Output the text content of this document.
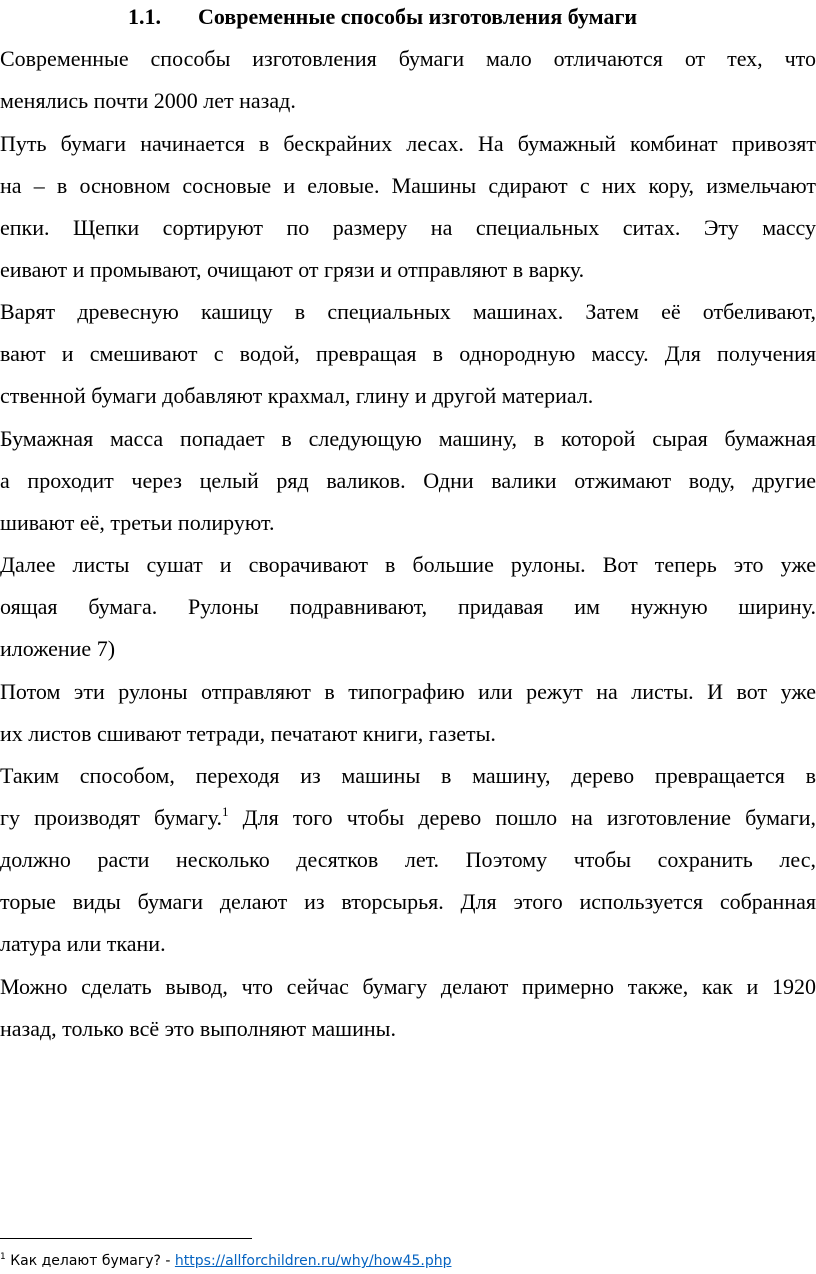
1.1. Современные способы изготовления бумаги
Современные способы изготовления бумаги мало отличаются от тех, что
менялись почти 2000 лет назад.
Путь бумаги начинается в бескрайних лесах. На бумажный комбинат привозят
на – в основном сосновые и еловые. Машины сдирают с них кору, измельчают
епки. Щепки сортируют по размеру на специальных ситах. Эту массу
еивают и промывают, очищают от грязи и отправляют в варку.
Варят древесную кашицу в специальных машинах. Затем её отбеливают,
вают и смешивают с водой, превращая в однородную массу. Для получения
ственной бумаги добавляют крахмал, глину и другой материал.
Бумажная масса попадает в следующую машину, в которой сырая бумажная
а проходит через целый ряд валиков. Одни валики отжимают воду, другие
шивают её, третьи полируют.
Далее листы сушат и сворачивают в большие рулоны. Вот теперь это уже
оящая бумага. Рулоны подравнивают, придавая им нужную ширину.
иложение 7)
Потом эти рулоны отправляют в типографию или режут на листы. И вот уже
их листов сшивают тетради, печатают книги, газеты.
Таким способом, переходя из машины в машину, дерево превращается в
гу производят бумагу.$^1$ Для того чтобы дерево пошло на изготовление бумаги,
должно расти несколько десятков лет. Поэтому чтобы сохранить лес,
торые виды бумаги делают из вторсырья. Для этого используется собранная
латура или ткани.
Можно сделать вывод, что сейчас бумагу делают примерно также, как и 1920
назад, только всё это выполняют машины.
$^1$ Как делают бумагу? - https://allforchildren.ru/why/how45.php
